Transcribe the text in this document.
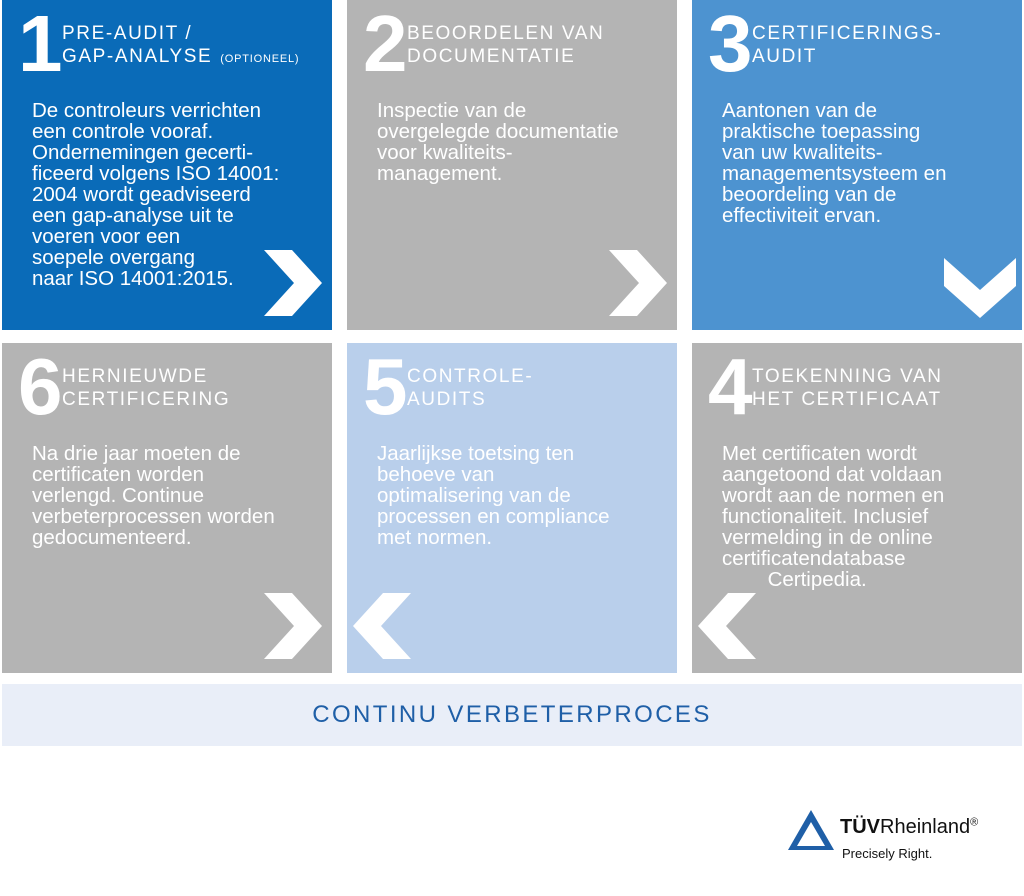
1 PRE-AUDIT /
GAP-ANALYSE (OPTIONEEL)
De controleurs verrichten
een controle vooraf.
Ondernemingen gecerti-
ficeerd volgens ISO 14001:
2004 wordt geadviseerd
een gap-analyse uit te
voeren voor een
soepele overgang
naar ISO 14001:2015.
2 BEOORDELEN VAN
DOCUMENTATIE
Inspectie van de
overgelegde documentatie
voor kwaliteits-
management.
3 CERTIFICERINGS-
AUDIT
Aantonen van de
praktische toepassing
van uw kwaliteits-
managementsysteem en
beoordeling van de
effectiviteit ervan.
6 HERNIEUWDE
CERTIFICERING
Na drie jaar moeten de
certificaten worden
verlengd. Continue
verbeterprocessen worden
gedocumenteerd.
5 CONTROLE-
AUDITS
Jaarlijkse toetsing ten
behoeve van
optimalisering van de
processen en compliance
met normen.
4 TOEKENNING VAN
HET CERTIFICAAT
Met certificaten wordt
aangetoond dat voldaan
wordt aan de normen en
functionaliteit. Inclusief
vermelding in de online
certificatendatabase
Certipedia.
CONTINU VERBETERPROCES
TÜVRheinland®
Precisely Right.
